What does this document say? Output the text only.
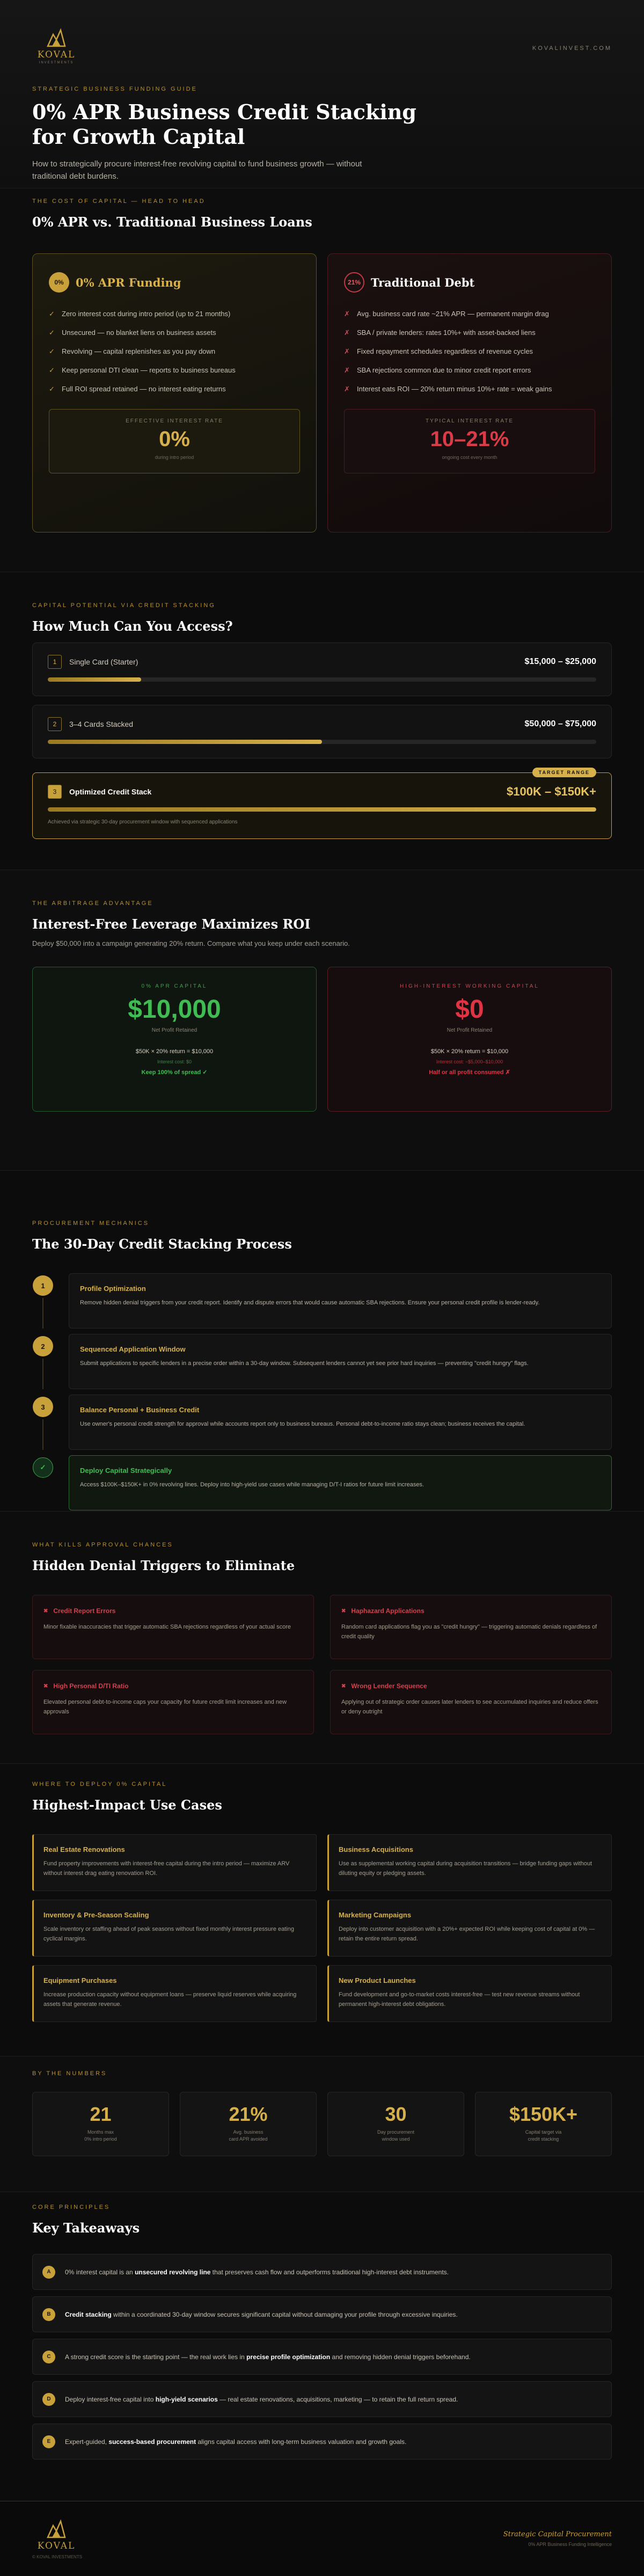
KOVAL
INVESTMENTS
KOVALINVEST.COM
STRATEGIC BUSINESS FUNDING GUIDE
0% APR Business Credit Stacking for Growth Capital

How to strategically procure interest-free revolving capital to fund business growth — without traditional debt burdens.

THE COST OF CAPITAL — HEAD TO HEAD
0% APR vs. Traditional Business Loans
0%	0% APR Funding
✓ Zero interest cost during intro period (up to 21 months)
✓ Unsecured — no blanket liens on business assets
✓ Revolving — capital replenishes as you pay down
✓ Keep personal DTI clean — reports to business bureaus
✓ Full ROI spread retained — no interest eating returns
EFFECTIVE INTEREST RATE
0%
during intro period
21% Traditional Debt
✗ Avg. business card rate ~21% APR — permanent margin drag
✗ SBA / private lenders: rates 10%+ with asset-backed liens
✗ Fixed repayment schedules regardless of revenue cycles
✗ SBA rejections common due to minor credit report errors
✗ Interest eats ROI — 20% return minus 10%+ rate = weak gains
TYPICAL INTEREST RATE
10–21%
ongoing cost every month
CAPITAL POTENTIAL VIA CREDIT STACKING
How Much Can You Access?
1	Single Card (Starter)	$15,000 – $25,000
2	3–4 Cards Stacked	$50,000 – $75,000
TARGET RANGE
3	Optimized Credit Stack	$100K – $150K+
Achieved via strategic 30-day procurement window with sequenced applications
THE ARBITRAGE ADVANTAGE
Interest-Free Leverage Maximizes ROI
Deploy $50,000 into a campaign generating 20% return. Compare what you keep under each scenario.
0% APR CAPITAL
$10,000
Net Profit Retained
$50K × 20% return = $10,000
Interest cost: $0
Keep 100% of spread ✓
HIGH-INTEREST WORKING CAPITAL
$0
Net Profit Retained
$50K × 20% return = $10,000
Interest cost: −$5,000–$10,000
Half or all profit consumed ✗
PROCUREMENT MECHANICS
The 30-Day Credit Stacking Process
1	Profile Optimization
Remove hidden denial triggers from your credit report. Identify and dispute errors that would cause automatic SBA rejections. Ensure your personal credit profile is lender-ready.
2	Sequenced Application Window
Submit applications to specific lenders in a precise order within a 30-day window. Subsequent lenders cannot yet see prior hard inquiries — preventing "credit hungry" flags.
3	Balance Personal + Business Credit
Use owner's personal credit strength for approval while accounts report only to business bureaus. Personal debt-to-income ratio stays clean; business receives the capital.
✓	Deploy Capital Strategically
Access $100K–$150K+ in 0% revolving lines. Deploy into high-yield use cases while managing D/T-I ratios for future limit increases.
WHAT KILLS APPROVAL CHANCES
Hidden Denial Triggers to Eliminate
✖ Credit Report Errors
Minor fixable inaccuracies that trigger automatic SBA rejections regardless of your actual score
✖ Haphazard Applications
Random card applications flag you as "credit hungry" — triggering automatic denials regardless of credit quality
✖ High Personal D/TI Ratio
Elevated personal debt-to-income caps your capacity for future credit limit increases and new approvals
✖ Wrong Lender Sequence
Applying out of strategic order causes later lenders to see accumulated inquiries and reduce offers or deny outright
WHERE TO DEPLOY 0% CAPITAL
Highest-Impact Use Cases
Real Estate Renovations
Fund property improvements with interest-free capital during the intro period — maximize ARV without interest drag eating renovation ROI.
Business Acquisitions
Use as supplemental working capital during acquisition transitions — bridge funding gaps without diluting equity or pledging assets.
Inventory & Pre-Season Scaling
Scale inventory or staffing ahead of peak seasons without fixed monthly interest pressure eating cyclical margins.
Marketing Campaigns
Deploy into customer acquisition with a 20%+ expected ROI while keeping cost of capital at 0% — retain the entire return spread.
Equipment Purchases
Increase production capacity without equipment loans — preserve liquid reserves while acquiring assets that generate revenue.
New Product Launches
Fund development and go-to-market costs interest-free — test new revenue streams without permanent high-interest debt obligations.
BY THE NUMBERS
21
Months max
0% intro period
21%
Avg. business
card APR avoided
30
Day procurement
window used
$150K+
Capital target via
credit stacking
CORE PRINCIPLES
Key Takeaways
A	0% interest capital is an unsecured revolving line that preserves cash flow and outperforms traditional high-interest debt instruments.
B	Credit stacking within a coordinated 30-day window secures significant capital without damaging your profile through excessive inquiries.
C	A strong credit score is the starting point — the real work lies in precise profile optimization and removing hidden denial triggers beforehand.
D	Deploy interest-free capital into high-yield scenarios — real estate renovations, acquisitions, marketing — to retain the full return spread.
E	Expert-guided, success-based procurement aligns capital access with long-term business valuation and growth goals.
KOVAL
© KOVAL INVESTMENTS
Strategic Capital Procurement
0% APR Business Funding Intelligence
